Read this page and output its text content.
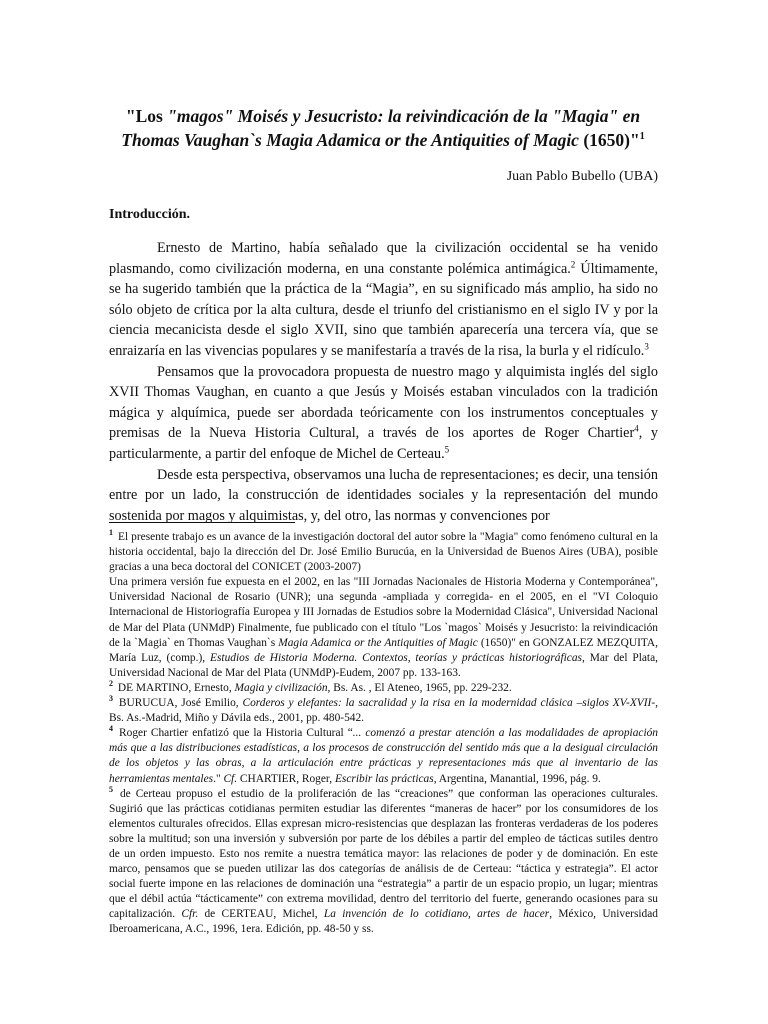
"Los "magos" Moisés y Jesucristo: la reivindicación de la "Magia" en Thomas Vaughan`s Magia Adamica or the Antiquities of Magic (1650)"$^1$
Juan Pablo Bubello (UBA)
Introducción.

Ernesto de Martino, había señalado que la civilización occidental se ha venido plasmando, como civilización moderna, en una constante polémica antimágica.$^2$ Últimamente, se ha sugerido también que la práctica de la “Magia”, en su significado más amplio, ha sido no sólo objeto de crítica por la alta cultura, desde el triunfo del cristianismo en el siglo IV y por la ciencia mecanicista desde el siglo XVII, sino que también aparecería una tercera vía, que se enraizaría en las vivencias populares y se manifestaría a través de la risa, la burla y el ridículo.$^3$

Pensamos que la provocadora propuesta de nuestro mago y alquimista inglés del siglo XVII Thomas Vaughan, en cuanto a que Jesús y Moisés estaban vinculados con la tradición mágica y alquímica, puede ser abordada teóricamente con los instrumentos conceptuales y premisas de la Nueva Historia Cultural, a través de los aportes de Roger Chartier$^4$, y particularmente, a partir del enfoque de Michel de Certeau.$^5$

Desde esta perspectiva, observamos una lucha de representaciones; es decir, una tensión entre por un lado, la construcción de identidades sociales y la representación del mundo sostenida por magos y alquimistas, y, del otro, las normas y convenciones por

$^1$ El presente trabajo es un avance de la investigación doctoral del autor sobre la "Magia" como fenómeno cultural en la historia occidental, bajo la dirección del Dr. José Emilio Burucúa, en la Universidad de Buenos Aires (UBA), posible gracias a una beca doctoral del CONICET (2003-2007)

Una primera versión fue expuesta en el 2002, en las "III Jornadas Nacionales de Historia Moderna y Contemporánea", Universidad Nacional de Rosario (UNR); una segunda -ampliada y corregida- en el 2005, en el "VI Coloquio Internacional de Historiografía Europea y III Jornadas de Estudios sobre la Modernidad Clásica", Universidad Nacional de Mar del Plata (UNMdP) Finalmente, fue publicado con el título "Los `magos` Moisés y Jesucristo: la reivindicación de la `Magia` en Thomas Vaughan`s Magia Adamica or the Antiquities of Magic (1650)" en GONZALEZ MEZQUITA, María Luz, (comp.), Estudios de Historia Moderna. Contextos, teorías y prácticas historiográficas, Mar del Plata, Universidad Nacional de Mar del Plata (UNMdP)-Eudem, 2007 pp. 133-163.

$^2$ DE MARTINO, Ernesto, Magia y civilización, Bs. As. , El Ateneo, 1965, pp. 229-232.

$^3$ BURUCUA, José Emilio, Corderos y elefantes: la sacralidad y la risa en la modernidad clásica –siglos XV-XVII-, Bs. As.-Madrid, Miño y Dávila eds., 2001, pp. 480-542.

$^4$ Roger Chartier enfatizó que la Historia Cultural “... comenzó a prestar atención a las modalidades de apropiación más que a las distribuciones estadísticas, a los procesos de construcción del sentido más que a la desigual circulación de los objetos y las obras, a la articulación entre prácticas y representaciones más que al inventario de las herramientas mentales." Cf. CHARTIER, Roger, Escribir las prácticas, Argentina, Manantial, 1996, pág. 9.

$^5$ de Certeau propuso el estudio de la proliferación de las “creaciones” que conforman las operaciones culturales. Sugirió que las prácticas cotidianas permiten estudiar las diferentes “maneras de hacer” por los consumidores de los elementos culturales ofrecidos. Ellas expresan micro-resistencias que desplazan las fronteras verdaderas de los poderes sobre la multitud; son una inversión y subversión por parte de los débiles a partir del empleo de tácticas sutiles dentro de un orden impuesto. Esto nos remite a nuestra temática mayor: las relaciones de poder y de dominación. En este marco, pensamos que se pueden utilizar las dos categorías de análisis de de Certeau: “táctica y estrategia”. El actor social fuerte impone en las relaciones de dominación una “estrategia” a partir de un espacio propio, un lugar; mientras que el débil actúa “tácticamente” con extrema movilidad, dentro del territorio del fuerte, generando ocasiones para su capitalización. Cfr. de CERTEAU, Michel, La invención de lo cotidiano, artes de hacer, México, Universidad Iberoamericana, A.C., 1996, 1era. Edición, pp. 48-50 y ss.
